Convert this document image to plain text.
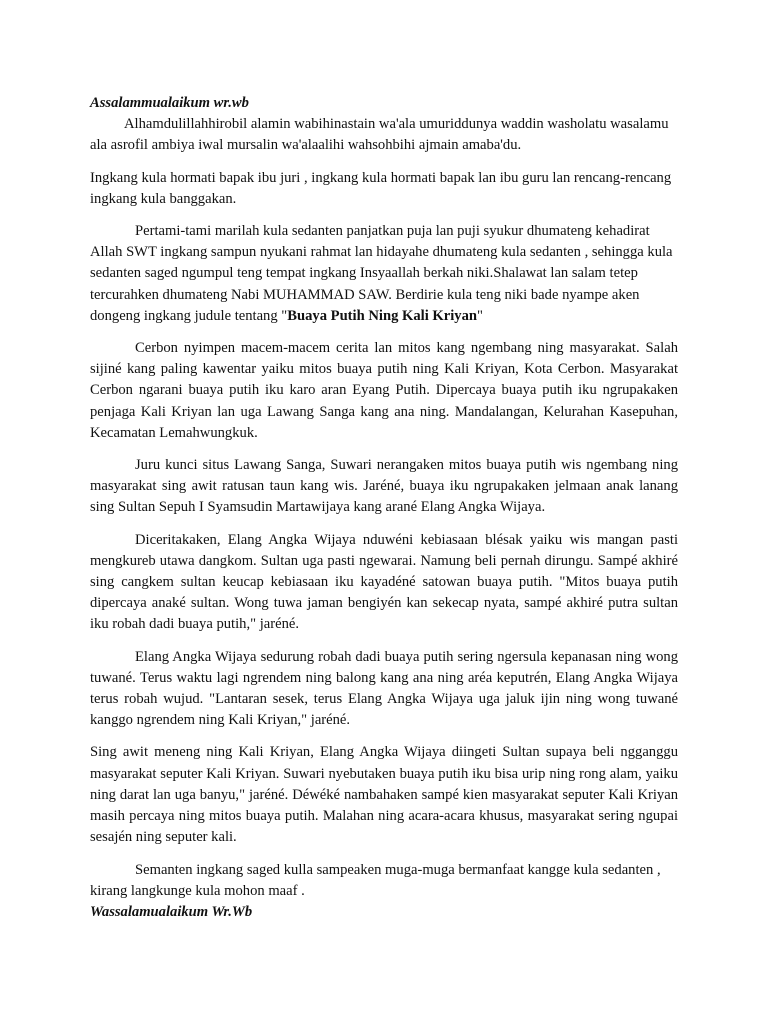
Assalammualaikum wr.wb

Alhamdulillahhirobil alamin wabihinastain wa'ala umuriddunya waddin washolatu wasalamu ala asrofil ambiya iwal mursalin wa'alaalihi wahsohbihi ajmain amaba'du.

Ingkang kula hormati bapak ibu juri , ingkang kula hormati bapak lan ibu guru lan rencang-rencang ingkang kula banggakan.

Pertami-tami marilah kula sedanten panjatkan puja lan puji syukur dhumateng kehadirat Allah SWT ingkang sampun nyukani rahmat lan hidayahe dhumateng kula sedanten , sehingga kula sedanten saged ngumpul teng tempat ingkang Insyaallah berkah niki.Shalawat lan salam tetep tercurahken dhumateng Nabi MUHAMMAD SAW. Berdirie kula teng niki bade nyampe aken dongeng ingkang judule tentang "Buaya Putih Ning Kali Kriyan"

Cerbon nyimpen macem-macem cerita lan mitos kang ngembang ning masyarakat. Salah sijiné kang paling kawentar yaiku mitos buaya putih ning Kali Kriyan, Kota Cerbon. Masyarakat Cerbon ngarani buaya putih iku karo aran Eyang Putih. Dipercaya buaya putih iku ngrupakaken penjaga Kali Kriyan lan uga Lawang Sanga kang ana ning. Mandalangan, Kelurahan Kasepuhan, Kecamatan Lemahwungkuk.

Juru kunci situs Lawang Sanga, Suwari nerangaken mitos buaya putih wis ngembang ning masyarakat sing awit ratusan taun kang wis. Jaréné, buaya iku ngrupakaken jelmaan anak lanang sing Sultan Sepuh I Syamsudin Martawijaya kang arané Elang Angka Wijaya.

Diceritakaken, Elang Angka Wijaya nduwéni kebiasaan blésak yaiku wis mangan pasti mengkureb utawa dangkom. Sultan uga pasti ngewarai. Namung beli pernah dirungu. Sampé akhiré sing cangkem sultan keucap kebiasaan iku kayadéné satowan buaya putih. "Mitos buaya putih dipercaya anaké sultan. Wong tuwa jaman bengiyén kan sekecap nyata, sampé akhiré putra sultan iku robah dadi buaya putih," jaréné.

Elang Angka Wijaya sedurung robah dadi buaya putih sering ngersula kepanasan ning wong tuwané. Terus waktu lagi ngrendem ning balong kang ana ning aréa keputrén, Elang Angka Wijaya terus robah wujud. "Lantaran sesek, terus Elang Angka Wijaya uga jaluk ijin ning wong tuwané kanggo ngrendem ning Kali Kriyan," jaréné.

Sing awit meneng ning Kali Kriyan, Elang Angka Wijaya diingeti Sultan supaya beli ngganggu masyarakat seputer Kali Kriyan. Suwari nyebutaken buaya putih iku bisa urip ning rong alam, yaiku ning darat lan uga banyu," jaréné. Déwéké nambahaken sampé kien masyarakat seputer Kali Kriyan masih percaya ning mitos buaya putih. Malahan ning acara-acara khusus, masyarakat sering ngupai sesajén ning seputer kali.

Semanten ingkang saged kulla sampeaken muga-muga bermanfaat kangge kula sedanten , kirang langkunge kula mohon maaf .

Wassalamualaikum Wr.Wb
